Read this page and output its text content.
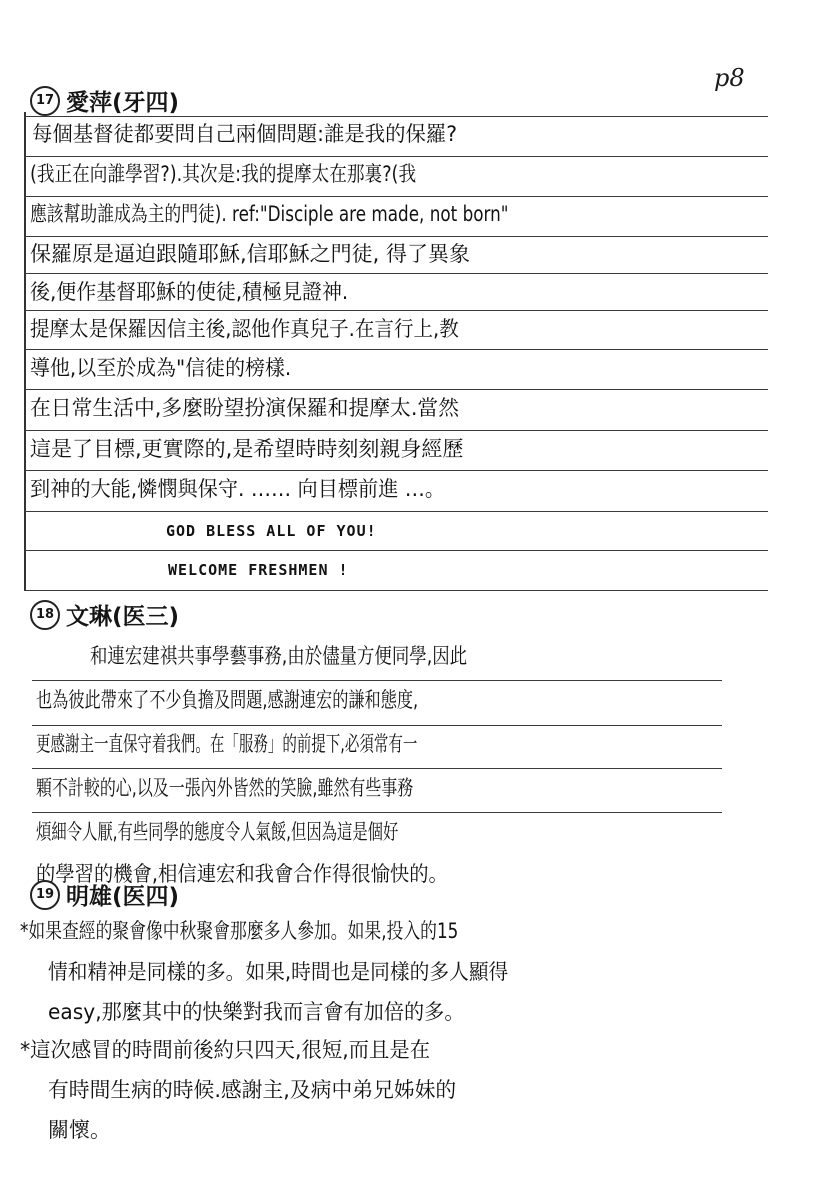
p8
17 愛萍(牙四)
每個基督徒都要問自己兩個問題:誰是我的保羅?
(我正在向誰學習?).其次是:我的提摩太在那裏?(我
應該幫助誰成為主的門徒). ref:"Disciple are made, not born"
保羅原是逼迫跟隨耶穌,信耶穌之門徒, 得了異象
後,便作基督耶穌的使徒,積極見證神.
提摩太是保羅因信主後,認他作真兒子.在言行上,教
導他,以至於成為"信徒的榜樣.
在日常生活中,多麼盼望扮演保羅和提摩太.當然
這是了目標,更實際的,是希望時時刻刻親身經歷
到神的大能,憐憫與保守. …… 向目標前進 …。
GOD BLESS ALL OF YOU!
WELCOME FRESHMEN !
18 文琳(医三)
和連宏建祺共事學藝事務,由於儘量方便同學,因此
也為彼此帶來了不少負擔及問題,感謝連宏的謙和態度,
更感謝主一直保守着我們。在「服務」的前提下,必須常有一
顆不計較的心,以及一張內外皆然的笑臉,雖然有些事務
煩細令人厭,有些同學的態度令人氣餒,但因為這是個好
的學習的機會,相信連宏和我會合作得很愉快的。
19 明雄(医四)
*如果查經的聚會像中秋聚會那麼多人參加。如果,投入的15
情和精神是同樣的多。如果,時間也是同樣的多人顯得
easy,那麼其中的快樂對我而言會有加倍的多。
*這次感冒的時間前後約只四天,很短,而且是在
有時間生病的時候.感謝主,及病中弟兄姊妹的
關懷。
